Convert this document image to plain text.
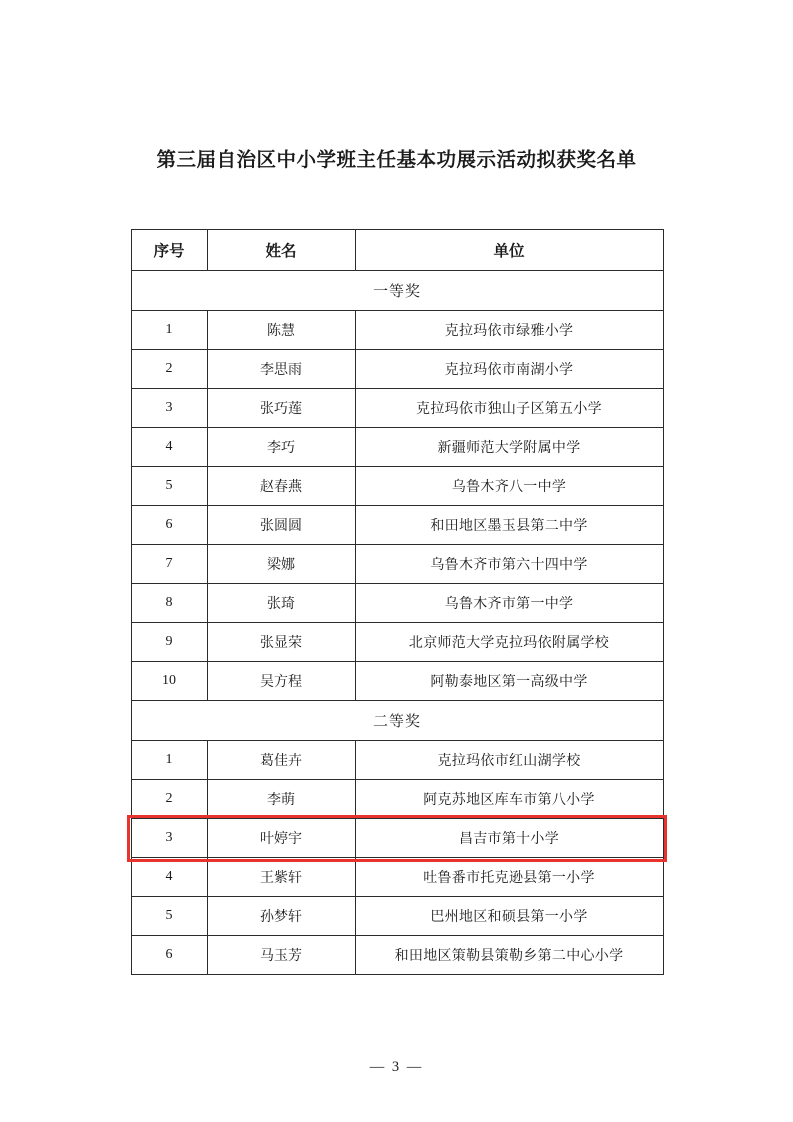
第三届自治区中小学班主任基本功展示活动拟获奖名单
序号	姓名	单位
一等奖		
1	陈慧	克拉玛依市绿雅小学
2	李思雨	克拉玛依市南湖小学
3	张巧莲	克拉玛依市独山子区第五小学
4	李巧	新疆师范大学附属中学
5	赵春燕	乌鲁木齐八一中学
6	张圆圆	和田地区墨玉县第二中学
7	梁娜	乌鲁木齐市第六十四中学
8	张琦	乌鲁木齐市第一中学
9	张显荣	北京师范大学克拉玛依附属学校
10	吴方程	阿勒泰地区第一高级中学
二等奖		
1	葛佳卉	克拉玛依市红山湖学校
2	李萌	阿克苏地区库车市第八小学
3	叶婷宇	昌吉市第十小学
4	王紫轩	吐鲁番市托克逊县第一小学
5	孙梦轩	巴州地区和硕县第一小学
6	马玉芳	和田地区策勒县策勒乡第二中心小学
— 3 —
